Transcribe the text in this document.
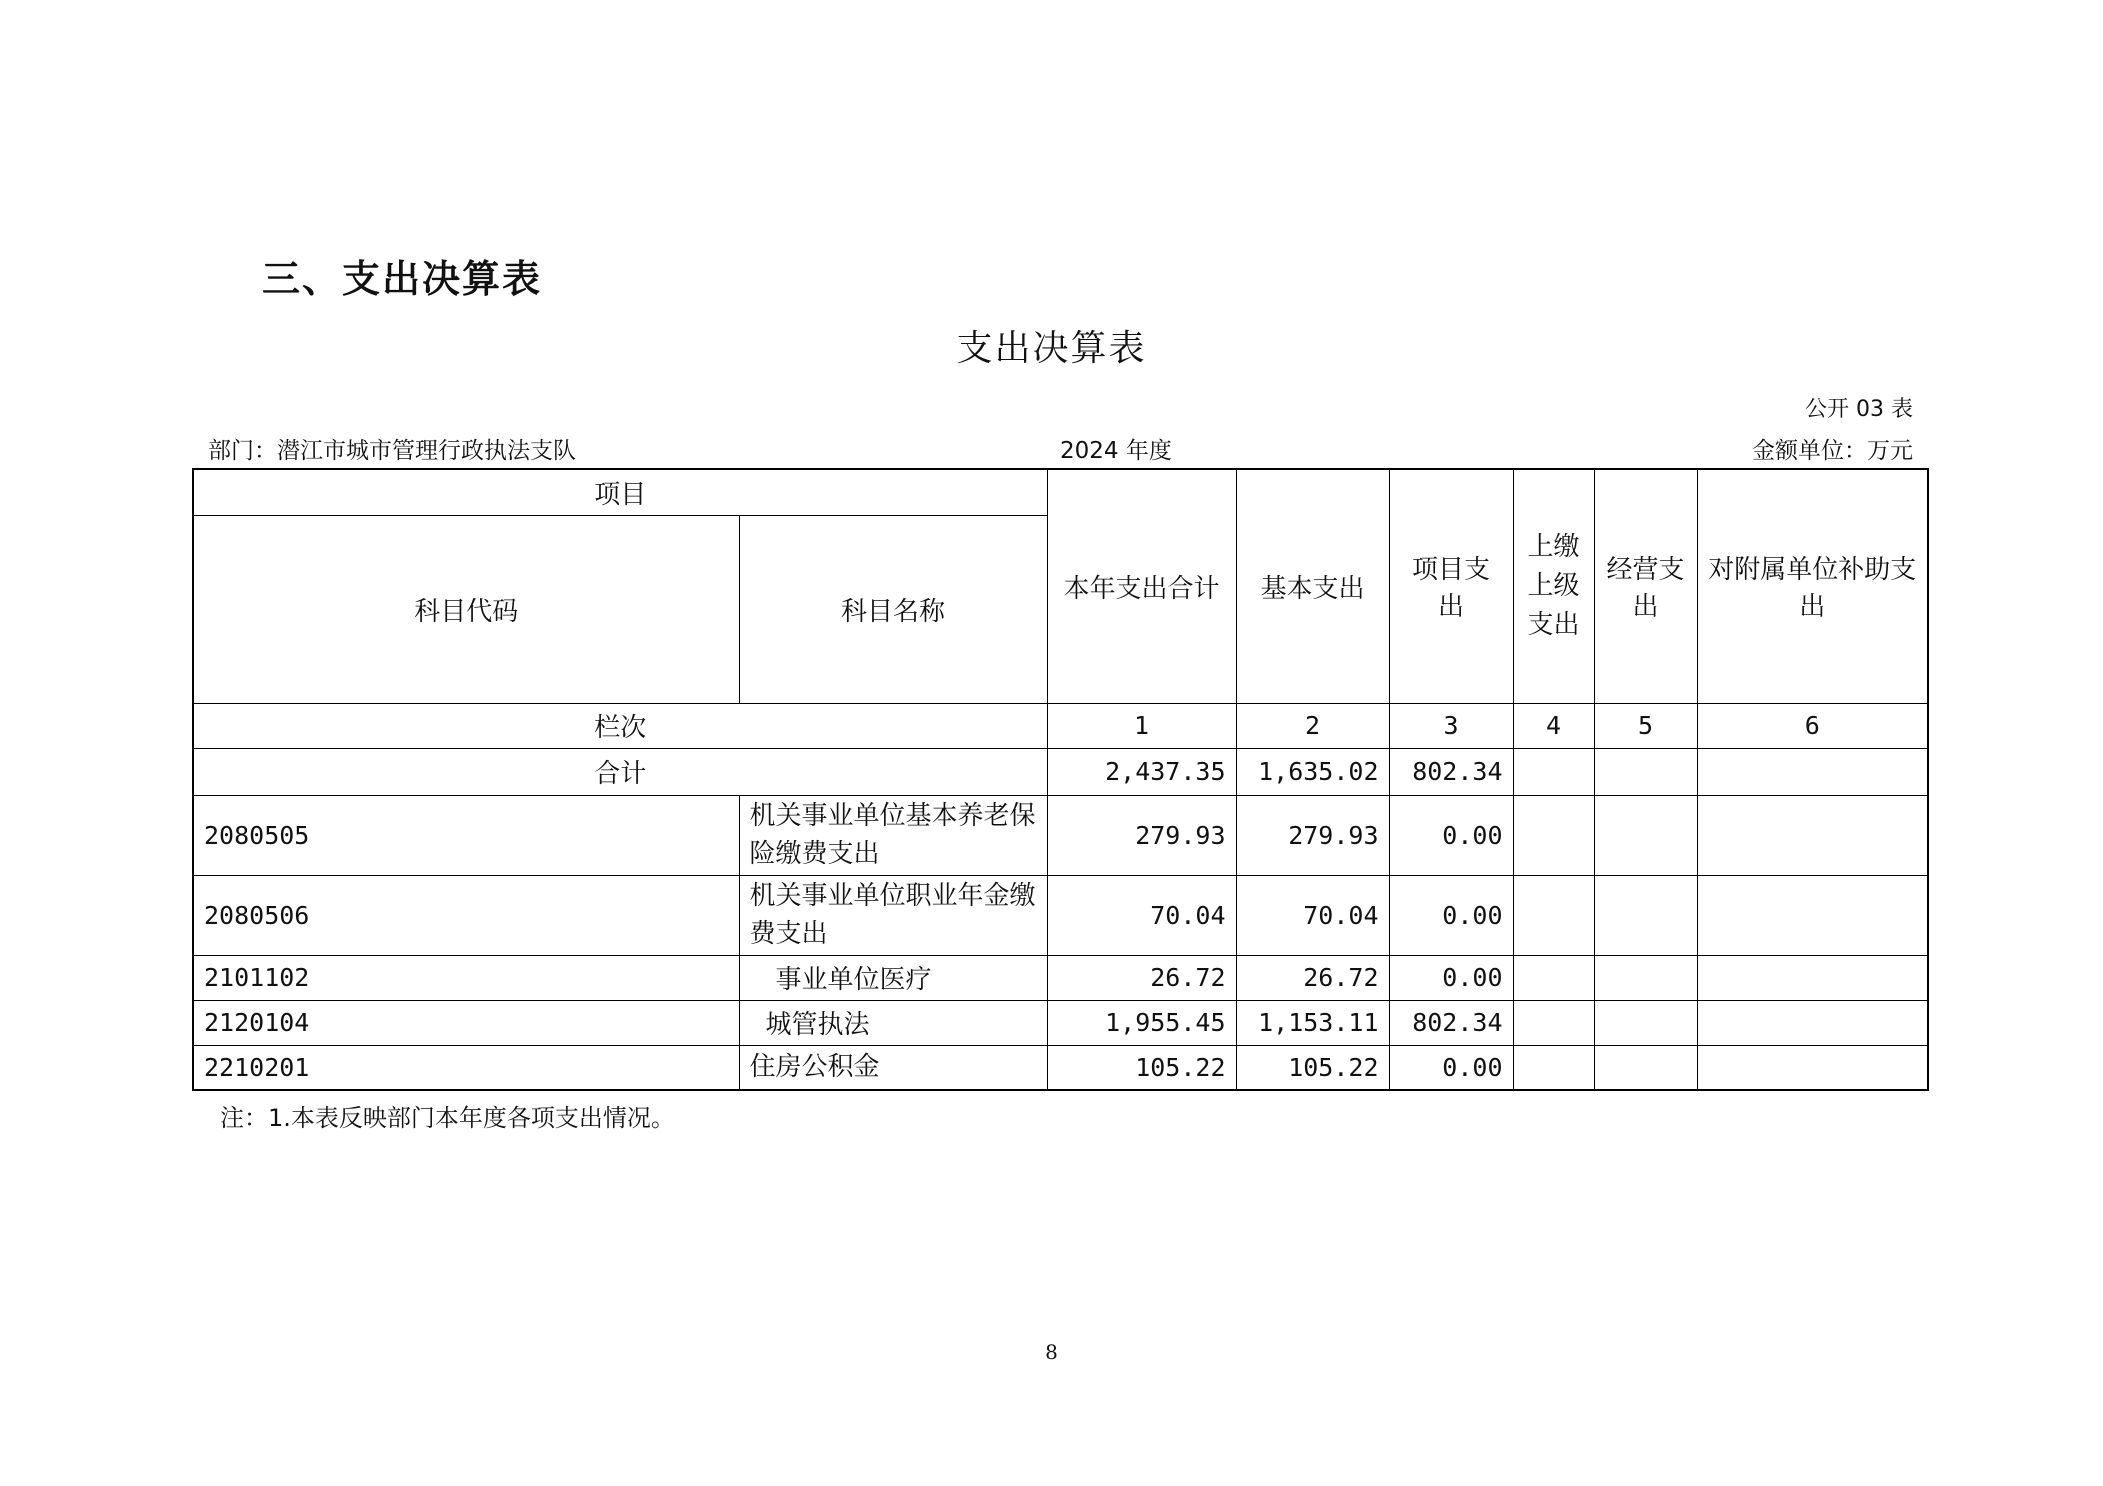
三、支出决算表
支出决算表
公开 03 表
部门：潜江市城市管理行政执法支队	2024 年度	金额单位：万元
项目		本年支出合计	基本支出	项目支出	上缴上级支出	经营支出	对附属单位补助支出
科目代码	科目名称						
栏次		1	2	3	4	5	6
合计		2,437.35	1,635.02	802.34			
2080505	机关事业单位基本养老保险缴费支出	279.93	279.93	0.00			
2080506	机关事业单位职业年金缴费支出	70.04	70.04	0.00			
2101102	事业单位医疗	26.72	26.72	0.00			
2120104	城管执法	1,955.45	1,153.11	802.34			
2210201	住房公积金	105.22	105.22	0.00			
注：1.本表反映部门本年度各项支出情况。
8
